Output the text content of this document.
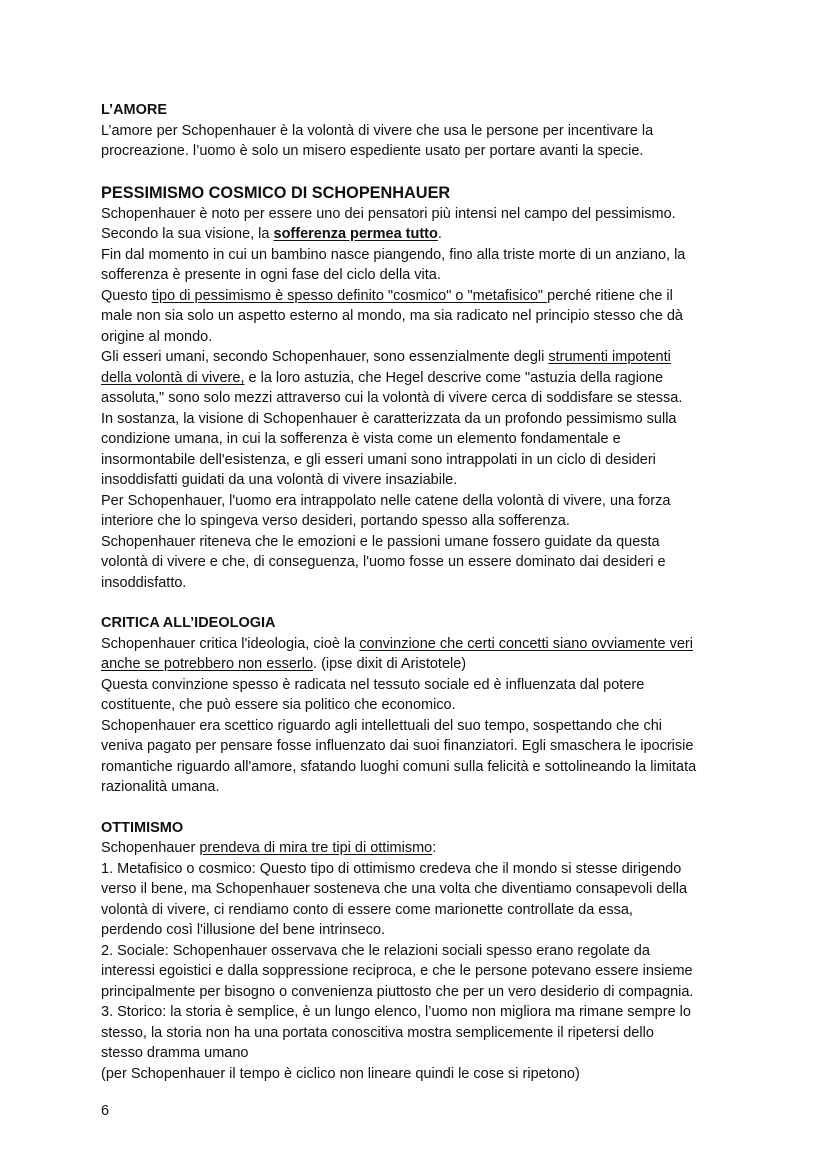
L’AMORE

L’amore per Schopenhauer è la volontà di vivere che usa le persone per incentivare la
procreazione. l’uomo è solo un misero espediente usato per portare avanti la specie.

PESSIMISMO COSMICO DI SCHOPENHAUER

Schopenhauer è noto per essere uno dei pensatori più intensi nel campo del pessimismo.
Secondo la sua visione, la sofferenza permea tutto.
Fin dal momento in cui un bambino nasce piangendo, fino alla triste morte di un anziano, la
sofferenza è presente in ogni fase del ciclo della vita.
Questo tipo di pessimismo è spesso definito "cosmico" o "metafisico" perché ritiene che il
male non sia solo un aspetto esterno al mondo, ma sia radicato nel principio stesso che dà
origine al mondo.
Gli esseri umani, secondo Schopenhauer, sono essenzialmente degli strumenti impotenti
della volontà di vivere, e la loro astuzia, che Hegel descrive come "astuzia della ragione
assoluta," sono solo mezzi attraverso cui la volontà di vivere cerca di soddisfare se stessa.
In sostanza, la visione di Schopenhauer è caratterizzata da un profondo pessimismo sulla
condizione umana, in cui la sofferenza è vista come un elemento fondamentale e
insormontabile dell'esistenza, e gli esseri umani sono intrappolati in un ciclo di desideri
insoddisfatti guidati da una volontà di vivere insaziabile.
Per Schopenhauer, l'uomo era intrappolato nelle catene della volontà di vivere, una forza
interiore che lo spingeva verso desideri, portando spesso alla sofferenza.
Schopenhauer riteneva che le emozioni e le passioni umane fossero guidate da questa
volontà di vivere e che, di conseguenza, l'uomo fosse un essere dominato dai desideri e
insoddisfatto.

CRITICA ALL’IDEOLOGIA

Schopenhauer critica l'ideologia, cioè la convinzione che certi concetti siano ovviamente veri
anche se potrebbero non esserlo. (ipse dixit di Aristotele)
Questa convinzione spesso è radicata nel tessuto sociale ed è influenzata dal potere
costituente, che può essere sia politico che economico.
Schopenhauer era scettico riguardo agli intellettuali del suo tempo, sospettando che chi
veniva pagato per pensare fosse influenzato dai suoi finanziatori. Egli smaschera le ipocrisie
romantiche riguardo all'amore, sfatando luoghi comuni sulla felicità e sottolineando la limitata
razionalità umana.

OTTIMISMO

Schopenhauer prendeva di mira tre tipi di ottimismo:
1. Metafisico o cosmico: Questo tipo di ottimismo credeva che il mondo si stesse dirigendo
verso il bene, ma Schopenhauer sosteneva che una volta che diventiamo consapevoli della
volontà di vivere, ci rendiamo conto di essere come marionette controllate da essa,
perdendo così l'illusione del bene intrinseco.
2. Sociale: Schopenhauer osservava che le relazioni sociali spesso erano regolate da
interessi egoistici e dalla soppressione reciproca, e che le persone potevano essere insieme
principalmente per bisogno o convenienza piuttosto che per un vero desiderio di compagnia.
3. Storico: la storia è semplice, è un lungo elenco, l’uomo non migliora ma rimane sempre lo
stesso, la storia non ha una portata conoscitiva mostra semplicemente il ripetersi dello
stesso dramma umano
(per Schopenhauer il tempo è ciclico non lineare quindi le cose si ripetono)
6
